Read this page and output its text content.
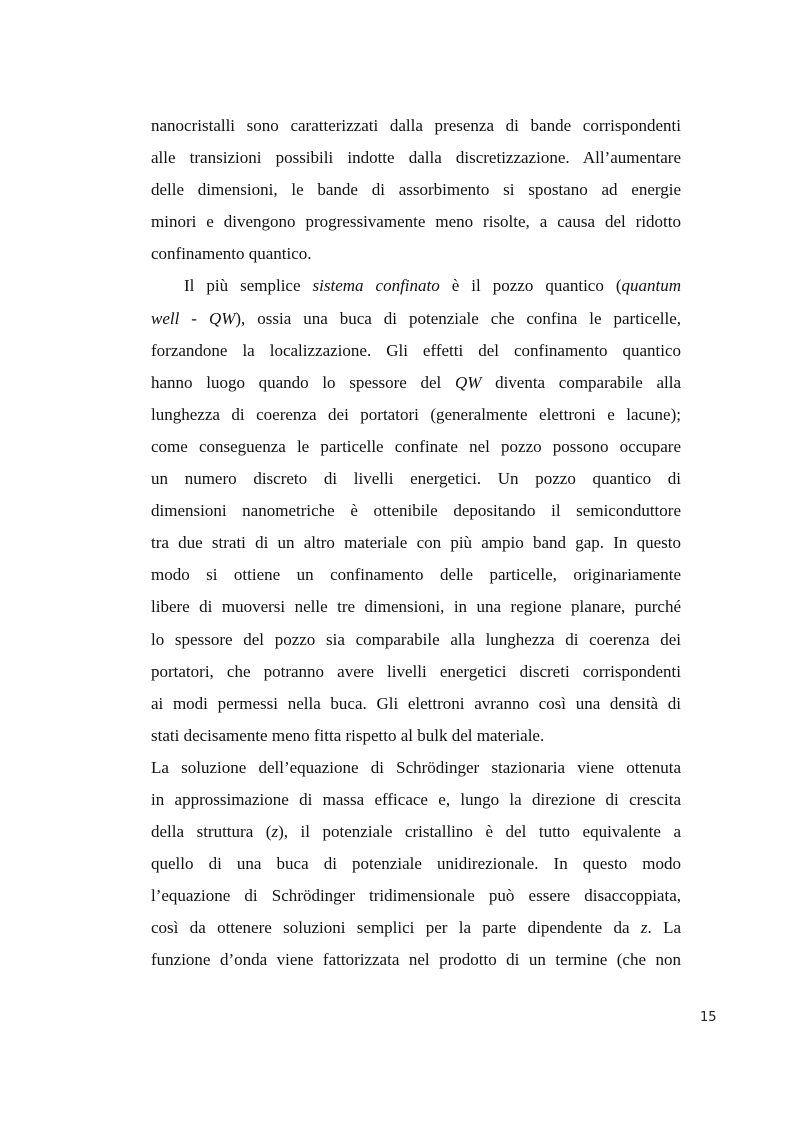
nanocristalli sono caratterizzati dalla presenza di bande corrispondenti
alle transizioni possibili indotte dalla discretizzazione. All’aumentare
delle dimensioni, le bande di assorbimento si spostano ad energie
minori e divengono progressivamente meno risolte, a causa del ridotto
confinamento quantico.
Il più semplice sistema confinato è il pozzo quantico (quantum
well - QW), ossia una buca di potenziale che confina le particelle,
forzandone la localizzazione. Gli effetti del confinamento quantico
hanno luogo quando lo spessore del QW diventa comparabile alla
lunghezza di coerenza dei portatori (generalmente elettroni e lacune);
come conseguenza le particelle confinate nel pozzo possono occupare
un numero discreto di livelli energetici. Un pozzo quantico di
dimensioni nanometriche è ottenibile depositando il semiconduttore
tra due strati di un altro materiale con più ampio band gap. In questo
modo si ottiene un confinamento delle particelle, originariamente
libere di muoversi nelle tre dimensioni, in una regione planare, purché
lo spessore del pozzo sia comparabile alla lunghezza di coerenza dei
portatori, che potranno avere livelli energetici discreti corrispondenti
ai modi permessi nella buca. Gli elettroni avranno così una densità di
stati decisamente meno fitta rispetto al bulk del materiale.
La soluzione dell’equazione di Schrödinger stazionaria viene ottenuta
in approssimazione di massa efficace e, lungo la direzione di crescita
della struttura (z), il potenziale cristallino è del tutto equivalente a
quello di una buca di potenziale unidirezionale. In questo modo
l’equazione di Schrödinger tridimensionale può essere disaccoppiata,
così da ottenere soluzioni semplici per la parte dipendente da z. La
funzione d’onda viene fattorizzata nel prodotto di un termine (che non
15
